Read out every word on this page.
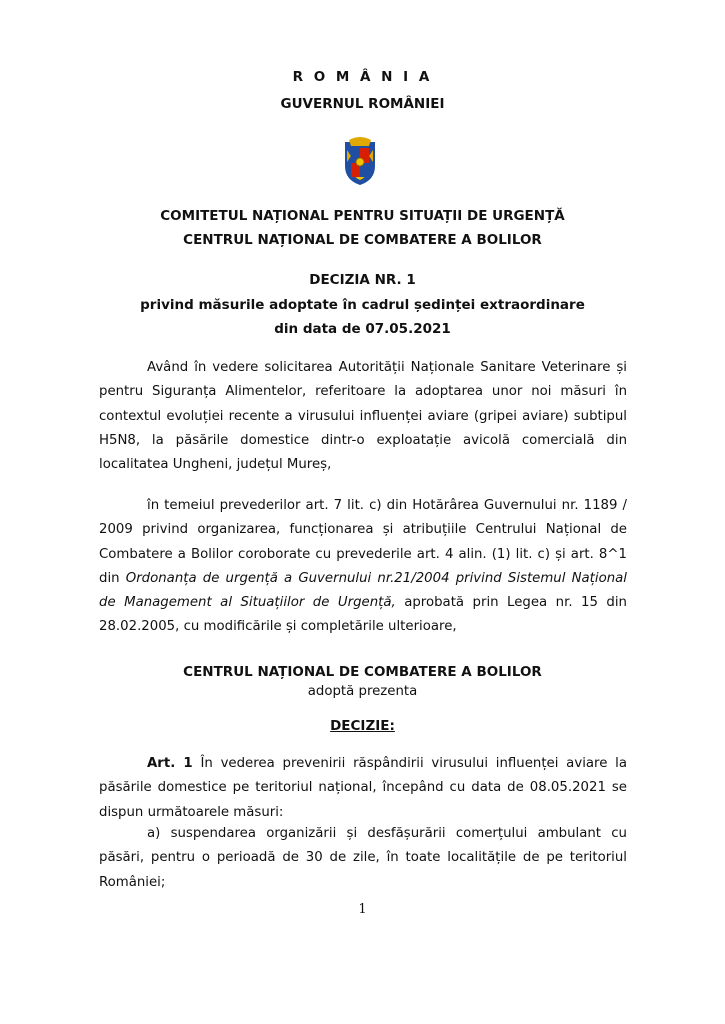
R O M Â N I A
GUVERNUL ROMÂNIEI
COMITETUL NAȚIONAL PENTRU SITUAȚII DE URGENȚĂ
CENTRUL NAȚIONAL DE COMBATERE A BOLILOR
DECIZIA NR. 1
privind măsurile adoptate în cadrul ședinței extraordinare
din data de 07.05.2021
Având în vedere solicitarea Autorității Naționale Sanitare Veterinare și
pentru Siguranța Alimentelor, referitoare la adoptarea unor noi măsuri în
contextul evoluției recente a virusului influenței aviare (gripei aviare) subtipul
H5N8, la păsările domestice dintr-o exploatație avicolă comercială din
localitatea Ungheni, județul Mureș,
în temeiul prevederilor art. 7 lit. c) din Hotărârea Guvernului nr. 1189 /
2009 privind organizarea, funcționarea și atribuțiile Centrului Național de
Combatere a Bolilor coroborate cu prevederile art. 4 alin. (1) lit. c) și art. 8^1
din Ordonanța de urgență a Guvernului nr.21/2004 privind Sistemul Național
de Management al Situațiilor de Urgență, aprobată prin Legea nr. 15 din
28.02.2005, cu modificările și completările ulterioare,
CENTRUL NAȚIONAL DE COMBATERE A BOLILOR
adoptă prezenta
DECIZIE:
Art. 1 În vederea prevenirii răspândirii virusului influenței aviare la
păsările domestice pe teritoriul național, începând cu data de 08.05.2021 se
dispun următoarele măsuri:
a) suspendarea organizării și desfășurării comerțului ambulant cu
păsări, pentru o perioadă de 30 de zile, în toate localitățile de pe teritoriul
României;
1
